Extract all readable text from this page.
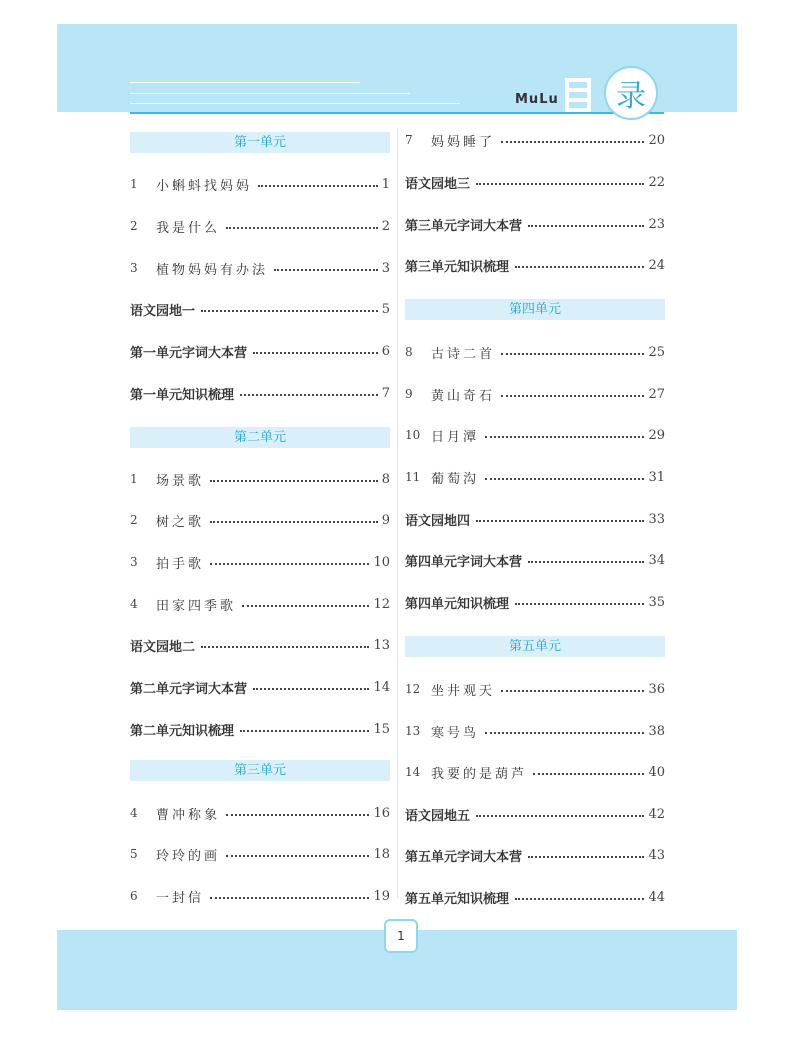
MuLu	录
第一单元
1	小蝌蚪找妈妈	1
2	我是什么	2
3	植物妈妈有办法	3
语文园地一	5
第一单元字词大本营	6
第一单元知识梳理	7
第二单元
1	场景歌	8
2	树之歌	9
3	拍手歌	10
4	田家四季歌	12
语文园地二	13
第二单元字词大本营	14
第二单元知识梳理	15
第三单元
4	曹冲称象	16
5	玲玲的画	18
6	一封信	19
7	妈妈睡了	20
语文园地三	22
第三单元字词大本营	23
第三单元知识梳理	24
第四单元
8	古诗二首	25
9	黄山奇石	27
10 日月潭	29
11 葡萄沟	31
语文园地四	33
第四单元字词大本营	34
第四单元知识梳理	35
第五单元
12 坐井观天	36
13 寒号鸟	38
14 我要的是葫芦	40
语文园地五	42
第五单元字词大本营	43
第五单元知识梳理	44
1
